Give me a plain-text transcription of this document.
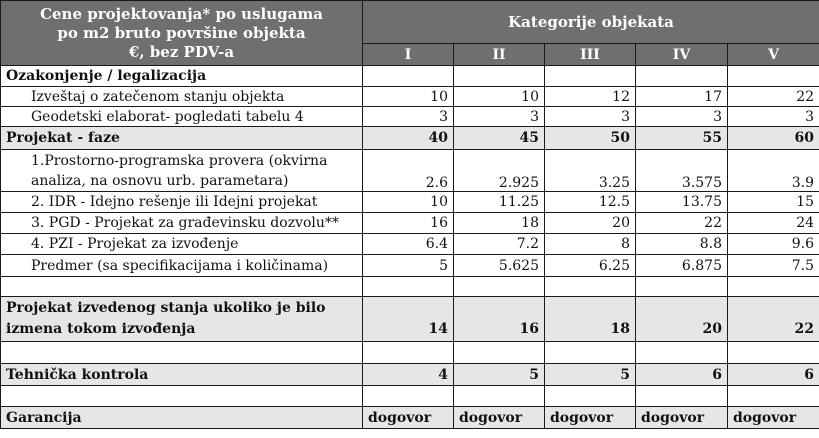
Cene projektovanja* po uslugama
po m2 bruto površine objekta
€, bez PDV-a	Kategorije objekata				
	I	II	III	IV	V
Ozakonjenje / legalizacija					
Izveštaj o zatečenom stanju objekta	10	10	12	17	22
Geodetski elaborat- pogledati tabelu 4	3	3	3	3	3
Projekat - faze	40	45	50	55	60
1.Prostorno-programska provera (okvirna
analiza, na osnovu urb. parametara)	2.6	2.925	3.25	3.575	3.9
2. IDR - Idejno rešenje ili Idejni projekat	10	11.25	12.5	13.75	15
3. PGD - Projekat za građevinsku dozvolu**	16	18	20	22	24
4. PZI - Projekat za izvođenje	6.4	7.2	8	8.8	9.6
Predmer (sa specifikacijama i količinama)	5	5.625	6.25	6.875	7.5

Projekat izvedenog stanja ukoliko je bilo
izmena tokom izvođenja	14	16	18	20	22

Tehnička kontrola	4	5	5	6	6

Garancija	dogovor	dogovor	dogovor	dogovor	dogovor
